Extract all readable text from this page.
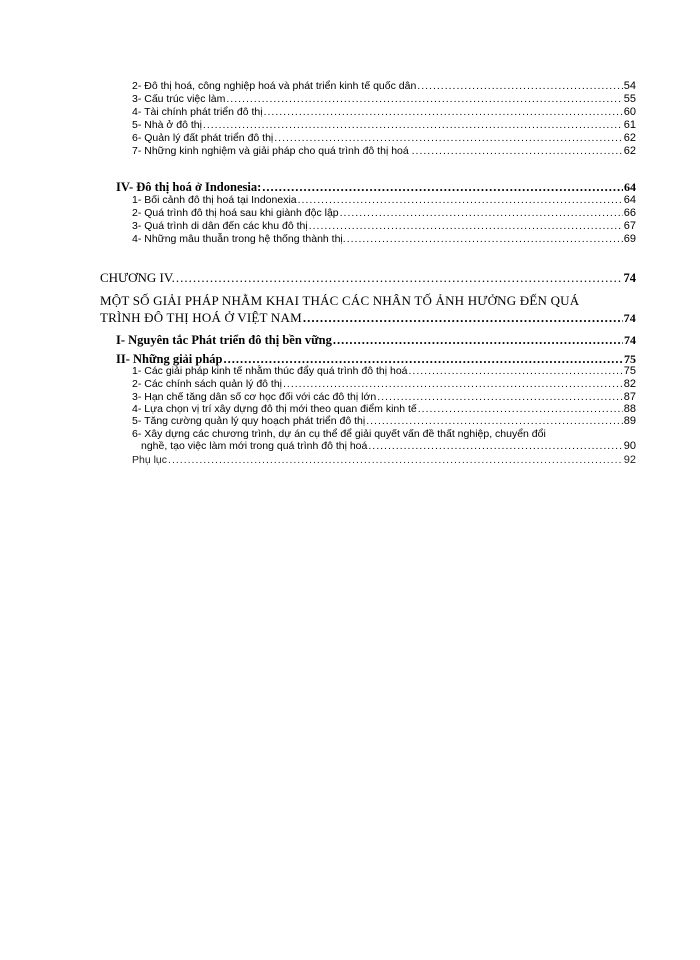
2- Đô thị hoá, công nghiệp hoá và phát triển kinh tế quốc dân .....	54
3- Cấu trúc việc làm .....	55
4- Tài chính phát triển đô thị .....	60
5- Nhà ở đô thị .....	61
6- Quản lý đất phát triển đô thị .....	62
7- Những kinh nghiệm và giải pháp cho quá trình đô thị hoá . .....	62
IV- Đô thị hoá ở Indonesia: .....	64
1- Bối cảnh đô thị hoá tại Indonexia .....	64
2- Quá trình đô thị hoá sau khi giành độc lập .....	66
3- Quá trình di dân đến các khu đô thị .....	67
4- Những mâu thuẫn trong hệ thống thành thị. .....	69
CHƯƠNG IV. .....	74
MỘT SỐ GIẢI PHÁP NHẰM KHAI THÁC CÁC NHÂN TỐ ẢNH HƯỞNG ĐẾN QUÁ
TRÌNH ĐÔ THỊ HOÁ Ở VIỆT NAM .....	74
I- Nguyên tắc Phát triển đô thị bền vững .....	74
II- Những giải pháp .....	75
1- Các giải pháp kinh tế nhằm thúc đẩy quá trình đô thị hoá .....	75
2- Các chính sách quản lý đô thị .....	82
3- Hạn chế tăng dân số cơ học đối với các đô thị lớn .....	87
4- Lựa chọn vị trí xây dựng đô thị mới theo quan điểm kinh tế .....	88
5- Tăng cường quản lý quy hoạch phát triển đô thị .....	89
6- Xây dựng các chương trình, dự án cụ thể để giải quyết vấn đề thất nghiệp, chuyển đổi
nghề, tạo việc làm mới trong quá trình đô thị hoá .....	90
Phụ lục .....	92
